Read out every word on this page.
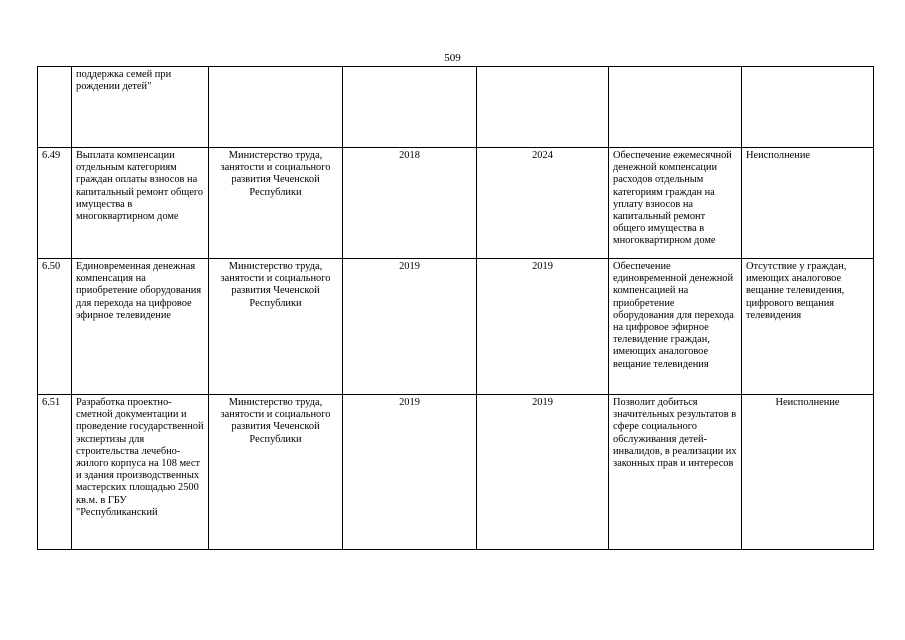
509
	поддержка семей при рождении детей"					
6.49	Выплата компенсации отдельным категориям граждан оплаты взносов на капитальный ремонт общего имущества в многоквартирном доме	Министерство труда, занятости и социального развития Чеченской Республики	2018	2024	Обеспечение ежемесячной денежной компенсации расходов отдельным категориям граждан на уплату взносов на капитальный ремонт общего имущества в многоквартирном доме	Неисполнение
6.50	Единовременная денежная компенсация на приобретение оборудования для перехода на цифровое эфирное телевидение	Министерство труда, занятости и социального развития Чеченской Республики	2019	2019	Обеспечение единовременной денежной компенсацией на приобретение оборудования для перехода на цифровое эфирное телевидение граждан, имеющих аналоговое вещание телевидения	Отсутствие у граждан, имеющих аналоговое вещание телевидения, цифрового вещания телевидения
6.51	Разработка проектно-сметной документации и проведение государственной экспертизы для строительства лечебно-жилого корпуса на 108 мест и здания производственных мастерских площадью 2500 кв.м. в ГБУ "Республиканский	Министерство труда, занятости и социального развития Чеченской Республики	2019	2019	Позволит добиться значительных результатов в сфере социального обслуживания детей-инвалидов, в реализации их законных прав и интересов	Неисполнение
